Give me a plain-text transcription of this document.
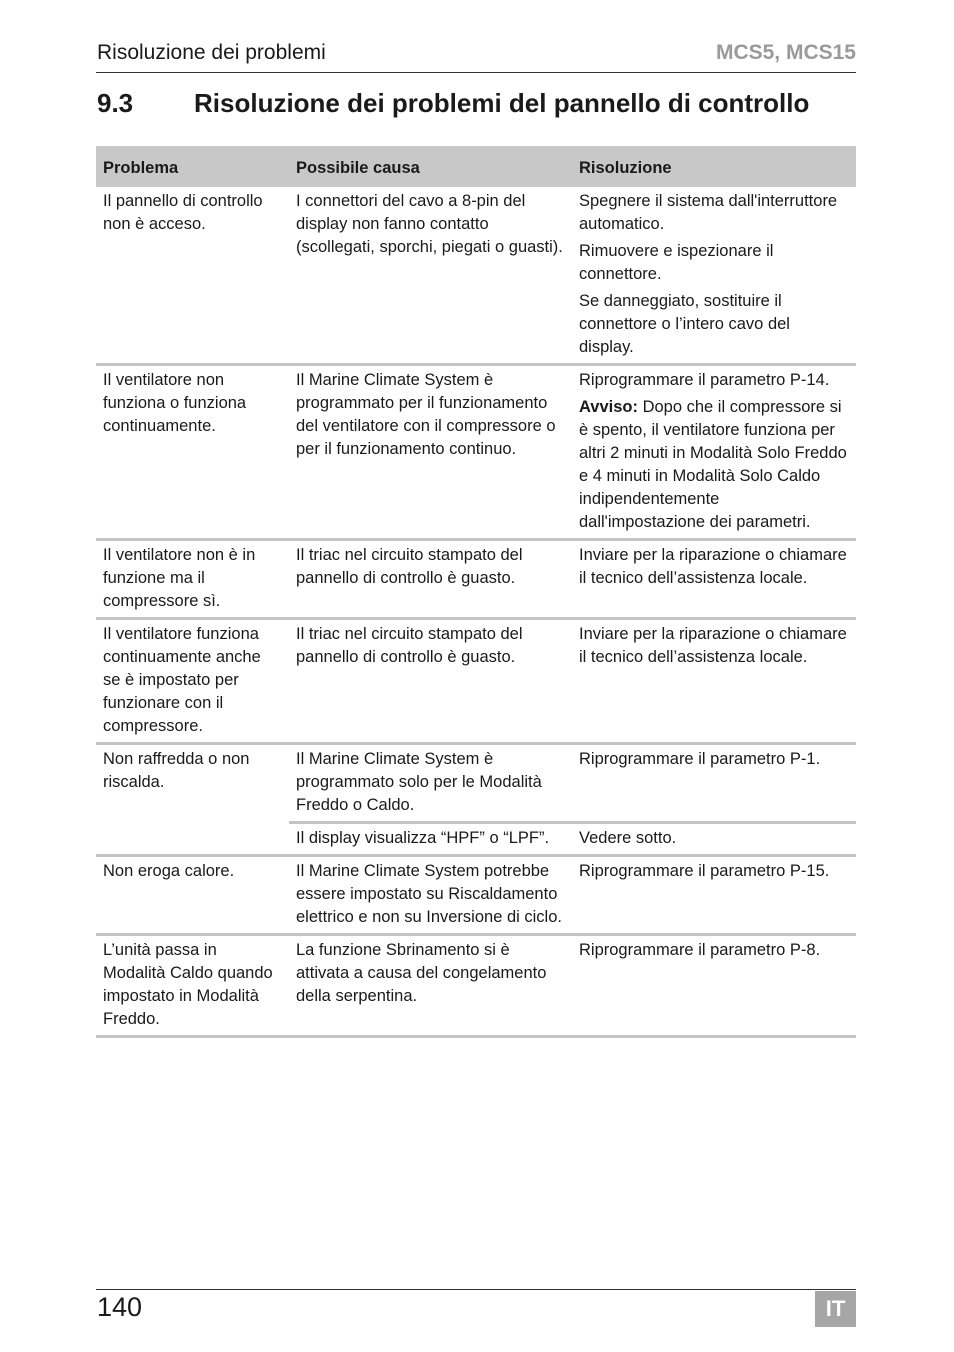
Risoluzione dei problemi	MCS5, MCS15
9.3 Risoluzione dei problemi del pannello di controllo
Problema	Possibile causa	Risoluzione
Il pannello di controllo non è acceso.	I connettori del cavo a 8-pin del display non fanno contatto (scollegati, sporchi, piegati o guasti).	Spegnere il sistema dall'interruttore automatico.
Rimuovere e ispezionare il connettore.
Se danneggiato, sostituire il connettore o l’intero cavo del display.

Il ventilatore non funziona o funziona continuamente.	Il Marine Climate System è programmato per il funzionamento del ventilatore con il compressore o per il funzionamento continuo.	Riprogrammare il parametro P-14.
Avviso: Dopo che il compressore si è spento, il ventilatore funziona per altri 2 minuti in Modalità Solo Freddo e 4 minuti in Modalità Solo Caldo indipendentemente dall'impostazione dei parametri.

Il ventilatore non è in funzione ma il compressore sì.	Il triac nel circuito stampato del pannello di controllo è guasto.	Inviare per la riparazione o chiamare il tecnico dell’assistenza locale.
Il ventilatore funziona continuamente anche se è impostato per funzionare con il compressore.	Il triac nel circuito stampato del pannello di controllo è guasto.	Inviare per la riparazione o chiamare il tecnico dell’assistenza locale.
Non raffredda o non riscalda.	Il Marine Climate System è programmato solo per le Modalità Freddo o Caldo.	Riprogrammare il parametro P-1.
	Il display visualizza “HPF” o “LPF”.	Vedere sotto.
Non eroga calore.	Il Marine Climate System potrebbe essere impostato su Riscaldamento elettrico e non su Inversione di ciclo.	Riprogrammare il parametro P-15.
L’unità passa in Modalità Caldo quando impostato in Modalità Freddo.	La funzione Sbrinamento si è attivata a causa del congelamento della serpentina.	Riprogrammare il parametro P-8.
140	IT
